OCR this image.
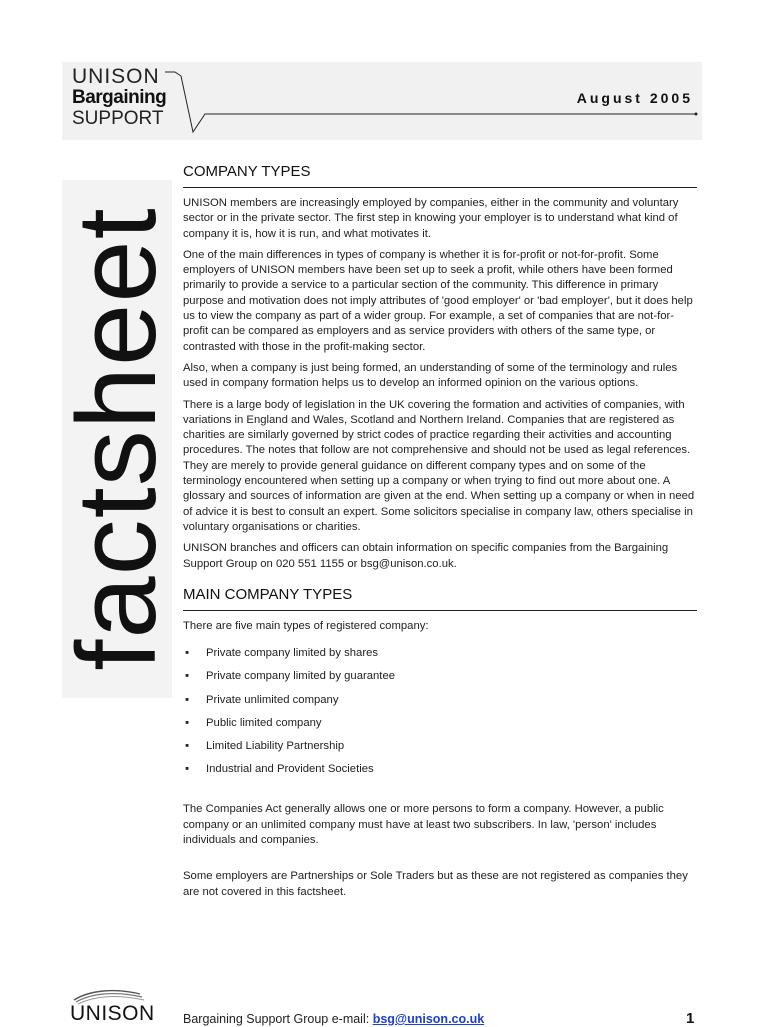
UNISON
Bargaining
SUPPORT
August 2005
factsheet
COMPANY TYPES

UNISON members are increasingly employed by companies, either in the community and voluntary sector or in the private sector. The first step in knowing your employer is to understand what kind of company it is, how it is run, and what motivates it.

One of the main differences in types of company is whether it is for-profit or not-for-profit. Some employers of UNISON members have been set up to seek a profit, while others have been formed primarily to provide a service to a particular section of the community. This difference in primary purpose and motivation does not imply attributes of 'good employer' or 'bad employer', but it does help us to view the company as part of a wider group. For example, a set of companies that are not-for-profit can be compared as employers and as service providers with others of the same type, or contrasted with those in the profit-making sector.

Also, when a company is just being formed, an understanding of some of the terminology and rules used in company formation helps us to develop an informed opinion on the various options.

There is a large body of legislation in the UK covering the formation and activities of companies, with variations in England and Wales, Scotland and Northern Ireland. Companies that are registered as charities are similarly governed by strict codes of practice regarding their activities and accounting procedures. The notes that follow are not comprehensive and should not be used as legal references. They are merely to provide general guidance on different company types and on some of the terminology encountered when setting up a company or when trying to find out more about one. A glossary and sources of information are given at the end. When setting up a company or when in need of advice it is best to consult an expert. Some solicitors specialise in company law, others specialise in voluntary organisations or charities.

UNISON branches and officers can obtain information on specific companies from the Bargaining Support Group on 020 551 1155 or bsg@unison.co.uk.

MAIN COMPANY TYPES

There are five main types of registered company:

▪ Private company limited by shares
▪ Private company limited by guarantee
▪ Private unlimited company
▪ Public limited company
▪ Limited Liability Partnership
▪ Industrial and Provident Societies

The Companies Act generally allows one or more persons to form a company. However, a public company or an unlimited company must have at least two subscribers. In law, 'person' includes individuals and companies.

Some employers are Partnerships or Sole Traders but as these are not registered as companies they are not covered in this factsheet.

UNISON	Bargaining Support Group e-mail: bsg@unison.co.uk	1
